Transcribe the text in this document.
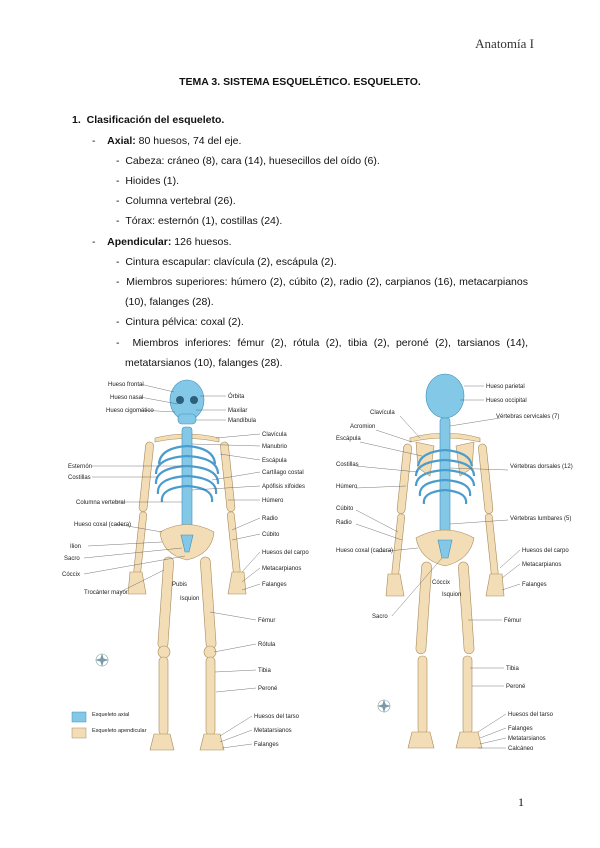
Anatomía I
TEMA 3. SISTEMA ESQUELÉTICO. ESQUELETO.
1. Clasificación del esqueleto.
-    Axial: 80 huesos, 74 del eje.
-  Cabeza: cráneo (8), cara (14), huesecillos del oído (6).
-  Hioides (1).
-  Columna vertebral (26).
-  Tórax: esternón (1), costillas (24).
-    Apendicular: 126 huesos.
-  Cintura escapular: clavícula (2), escápula (2).
-  Miembros superiores: húmero (2), cúbito (2), radio (2), carpianos (16), metacarpianos
(10), falanges (28).
-  Cintura pélvica: coxal (2).
-  Miembros inferiores: fémur (2), rótula (2), tibia (2), peroné (2), tarsianos (14),
metatarsianos (10), falanges (28).
Hueso frontal
Hueso nasal
Hueso cigomático
Esternón
Costillas
Columna vertebral
Hueso coxal (cadera)
Ilion
Sacro
Cóccix
Trocánter mayor
Órbita
Maxilar
Mandíbula
Clavícula
Manubrio
Escápula
Cartílago costal
Apófisis xifoides
Húmero
Radio
Cúbito
Huesos del carpo
Metacarpianos
Falanges
Fémur
Rótula
Tibia
Peroné
Huesos del tarso
Metatarsianos
Falanges
Pubis
Isquion
Esqueleto axial
Esqueleto apendicular
Clavícula
Acromion
Escápula
Costillas
Húmero
Cúbito
Radio
Hueso coxal (cadera)
Sacro
Hueso parietal
Hueso occipital
Vértebras cervicales (7)
Vértebras dorsales (12)
Vértebras lumbares (5)
Huesos del carpo
Metacarpianos
Falanges
Fémur
Tibia
Peroné
Huesos del tarso
Falanges
Metatarsianos
Calcáneo
Cóccix
Isquion
1
